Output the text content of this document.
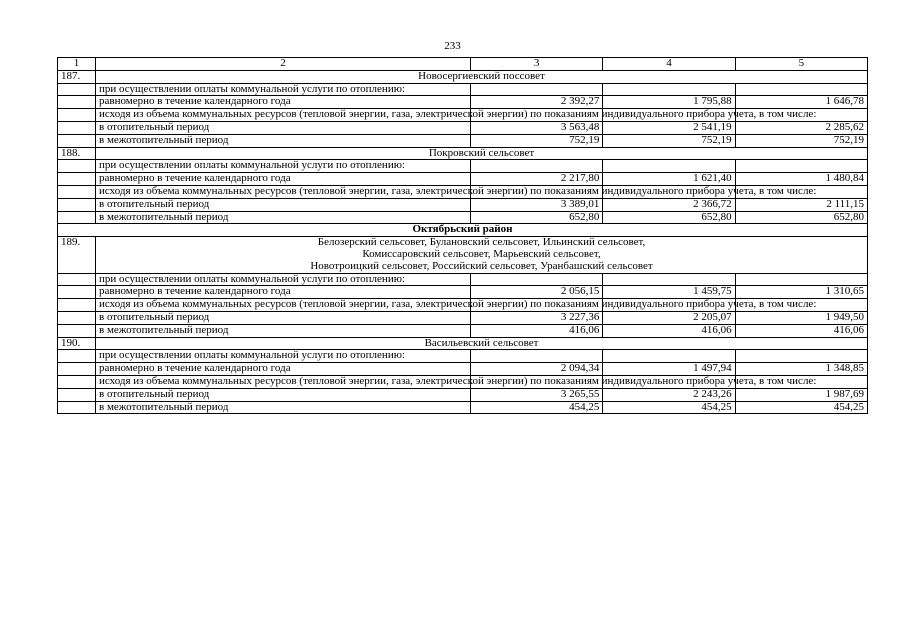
233
1	2	3	4	5
187.	Новосергиевский поссовет			
	при осуществлении оплаты коммунальной услуги по отоплению:			
	равномерно в течение календарного года	2 392,27	1 795,88	1 646,78
	исходя из объема коммунальных ресурсов (тепловой энергии, газа, электрической энергии) по показаниям индивидуального прибора учета, в том числе:			
	в отопительный период	3 563,48	2 541,19	2 285,62
	в межотопительный период	752,19	752,19	752,19
188.	Покровский сельсовет			
	при осуществлении оплаты коммунальной услуги по отоплению:			
	равномерно в течение календарного года	2 217,80	1 621,40	1 480,84
	исходя из объема коммунальных ресурсов (тепловой энергии, газа, электрической энергии) по показаниям индивидуального прибора учета, в том числе:			
	в отопительный период	3 389,01	2 366,72	2 111,15
	в межотопительный период	652,80	652,80	652,80
Октябрьский район				
189.	Белозерский сельсовет, Булановский сельсовет, Ильинский сельсовет,
Комиссаровский сельсовет, Марьевский сельсовет,
Новотроицкий сельсовет, Российский сельсовет, Уранбашский сельсовет			

	при осуществлении оплаты коммунальной услуги по отоплению:			
	равномерно в течение календарного года	2 056,15	1 459,75	1 310,65
	исходя из объема коммунальных ресурсов (тепловой энергии, газа, электрической энергии) по показаниям индивидуального прибора учета, в том числе:			
	в отопительный период	3 227,36	2 205,07	1 949,50
	в межотопительный период	416,06	416,06	416,06
190.	Васильевский сельсовет			
	при осуществлении оплаты коммунальной услуги по отоплению:			
	равномерно в течение календарного года	2 094,34	1 497,94	1 348,85
	исходя из объема коммунальных ресурсов (тепловой энергии, газа, электрической энергии) по показаниям индивидуального прибора учета, в том числе:			
	в отопительный период	3 265,55	2 243,26	1 987,69
	в межотопительный период	454,25	454,25	454,25
